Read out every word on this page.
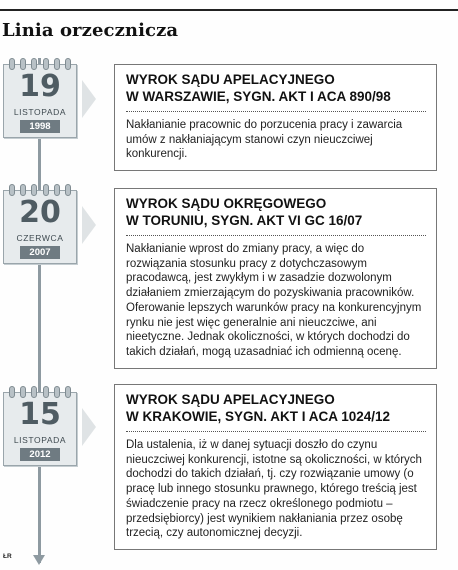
Linia orzecznicza
19
LISTOPADA
1998
WYROK SĄDU APELACYJNEGO
W WARSZAWIE, SYGN. AKT I ACA 890/98

Nakłanianie pracownic do porzucenia pracy i zawarcia umów z nakłaniającym stanowi czyn nieuczciwej konkurencji.

20
CZERWCA
2007
WYROK SĄDU OKRĘGOWEGO
W TORUNIU, SYGN. AKT VI GC 16/07

Nakłanianie wprost do zmiany pracy, a więc do rozwiązania stosunku pracy z dotychczasowym pracodawcą, jest zwykłym i w zasadzie dozwolonym działaniem zmierzającym do pozyskiwania pracowników. Oferowanie lepszych warunków pracy na konkurencyjnym rynku nie jest więc generalnie ani nieuczciwe, ani nieetyczne. Jednak okoliczności, w których dochodzi do takich działań, mogą uzasadniać ich odmienną ocenę.

15
LISTOPADA
2012
WYROK SĄDU APELACYJNEGO
W KRAKOWIE, SYGN. AKT I ACA 1024/12

Dla ustalenia, iż w danej sytuacji doszło do czynu nieuczciwej konkurencji, istotne są okoliczności, w których dochodzi do takich działań, tj. czy rozwiązanie umowy (o pracę lub innego stosunku prawnego, którego treścią jest świadczenie pracy na rzecz określonego podmiotu – przedsiębiorcy) jest wynikiem nakłaniania przez osobę trzecią, czy autonomicznej decyzji.

ŁR
